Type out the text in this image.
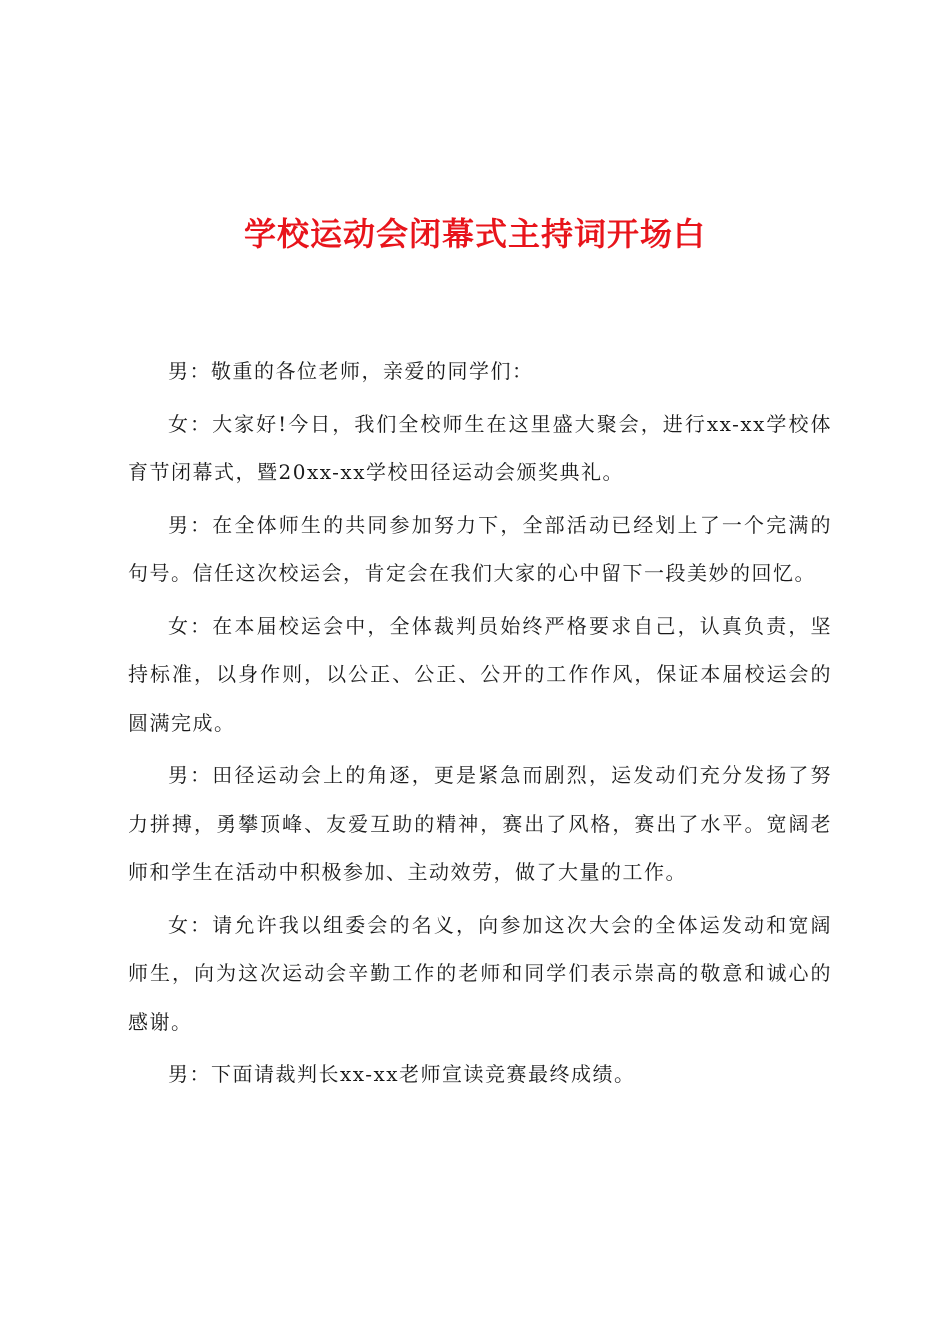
学校运动会闭幕式主持词开场白

男：敬重的各位老师，亲爱的同学们：

女：大家好!今日，我们全校师生在这里盛大聚会，进行xx-xx学校体育节闭幕式，暨20xx-xx学校田径运动会颁奖典礼。

男：在全体师生的共同参加努力下，全部活动已经划上了一个完满的句号。信任这次校运会，肯定会在我们大家的心中留下一段美妙的回忆。

女：在本届校运会中，全体裁判员始终严格要求自己，认真负责，坚持标准，以身作则，以公正、公正、公开的工作作风，保证本届校运会的圆满完成。

男：田径运动会上的角逐，更是紧急而剧烈，运发动们充分发扬了努力拼搏，勇攀顶峰、友爱互助的精神，赛出了风格，赛出了水平。宽阔老师和学生在活动中积极参加、主动效劳，做了大量的工作。

女：请允许我以组委会的名义，向参加这次大会的全体运发动和宽阔师生，向为这次运动会辛勤工作的老师和同学们表示崇高的敬意和诚心的感谢。

男：下面请裁判长xx-xx老师宣读竞赛最终成绩。
